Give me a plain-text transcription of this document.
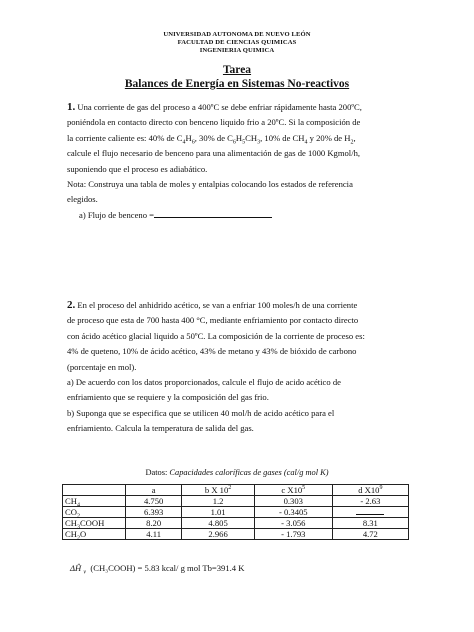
UNIVERSIDAD AUTONOMA DE NUEVO LEÓN
FACULTAD DE CIENCIAS QUIMICAS
INGENIERIA QUIMICA
Tarea
Balances de Energía en Sistemas No-reactivos
1. Una corriente de gas del proceso a 400ºC se debe enfriar rápidamente hasta 200ºC,
poniéndola en contacto directo con benceno liquido frio a 20ºC. Si la composición de
la corriente caliente es: 40% de $C_4H_6$, 30% de $C_6H_5CH_3$, 10% de $CH_4$ y 20% de $H_2$,
calcule el flujo necesario de benceno para una alimentación de gas de 1000 Kgmol/h,
suponiendo que el proceso es adiabático.
Nota: Construya una tabla de moles y entalpias colocando los estados de referencia
elegidos.
a) Flujo de benceno =
2. En el proceso del anhidrido acético, se van a enfriar 100 moles/h de una corriente
de proceso que esta de 700 hasta 400 °C, mediante enfriamiento por contacto directo
con ácido acético glacial liquido a 50ºC. La composición de la corriente de proceso es:
4% de queteno, 10% de ácido acético, 43% de metano y 43% de bióxido de carbono
(porcentaje en mol).
a) De acuerdo con los datos proporcionados, calcule el flujo de acido acético de
enfriamiento que se requiere y la composición del gas frio.
b) Suponga que se especifica que se utilicen 40 mol/h de acido acético para el
enfriamiento. Calcula la temperatura de salida del gas.
Datos: Capacidades caloríficas de gases (cal/g mol K)
	a	b X $10^2$	c $X10^5$	d $X10^9$
$CH_4$	4.750	1.2	0.303	- 2.63
$CO_2$	6.393	1.01	- 0.3405	
$CH_3COOH$	8.20	4.805	- 3.056	8.31
$CH_2O$	4.11	2.966	- 1.793	4.72
ΔĤ $_v$ (CH₃COOH) = 5.83 kcal/ g mol Tb=391.4 K
